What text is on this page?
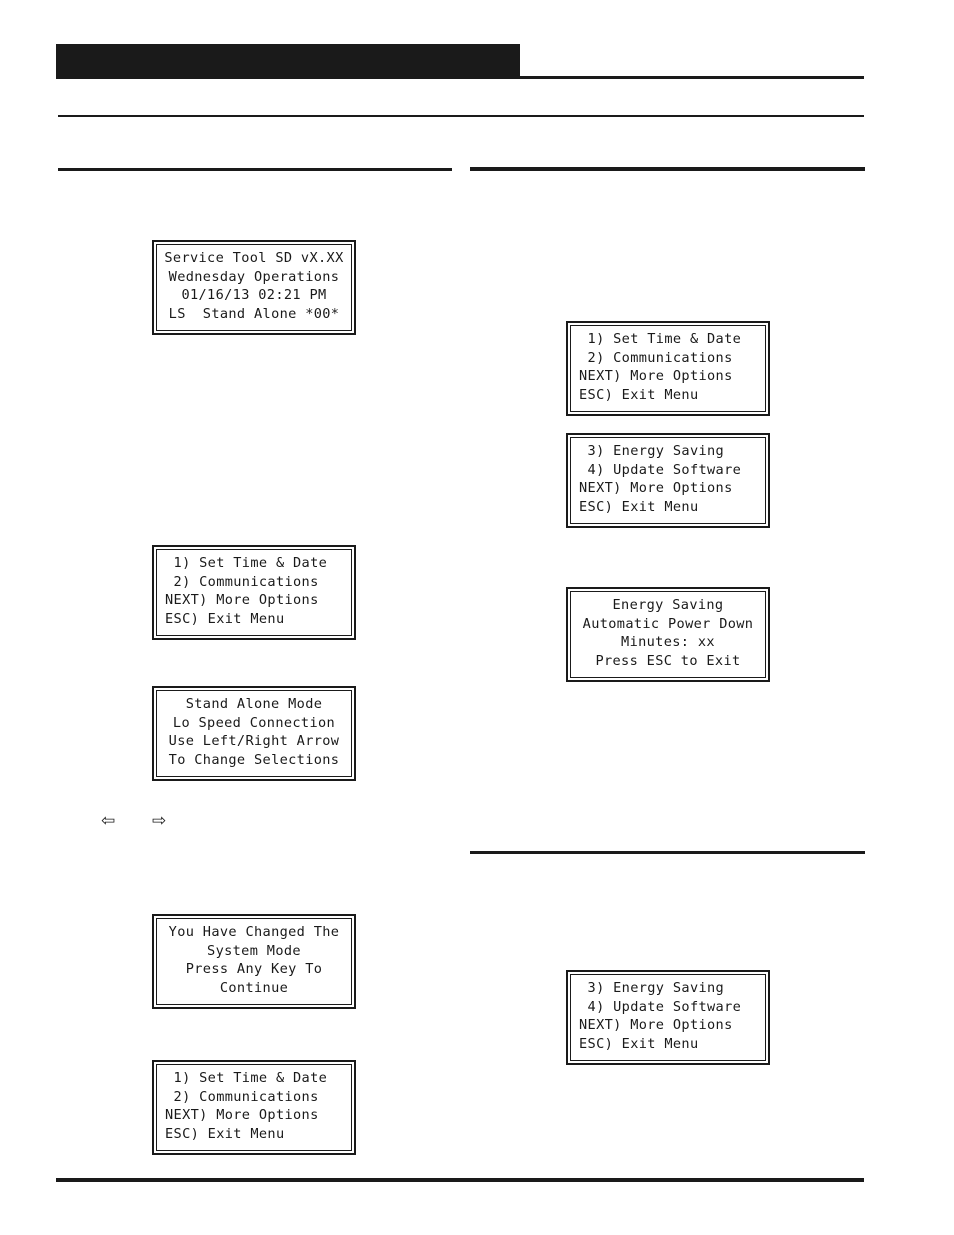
Service Tool SD vX.XX
Wednesday Operations
01/16/13 02:21 PM
LS  Stand Alone *00*
1) Set Time & Date
2) Communications
NEXT) More Options
ESC) Exit Menu
Stand Alone Mode
Lo Speed Connection
Use Left/Right Arrow
To Change Selections
⇦ ⇨
You Have Changed The
System Mode
Press Any Key To
Continue
1) Set Time & Date
2) Communications
NEXT) More Options
ESC) Exit Menu
1) Set Time & Date
2) Communications
NEXT) More Options
ESC) Exit Menu
3) Energy Saving
4) Update Software
NEXT) More Options
ESC) Exit Menu
Energy Saving
Automatic Power Down
Minutes: xx
Press ESC to Exit
3) Energy Saving
4) Update Software
NEXT) More Options
ESC) Exit Menu
